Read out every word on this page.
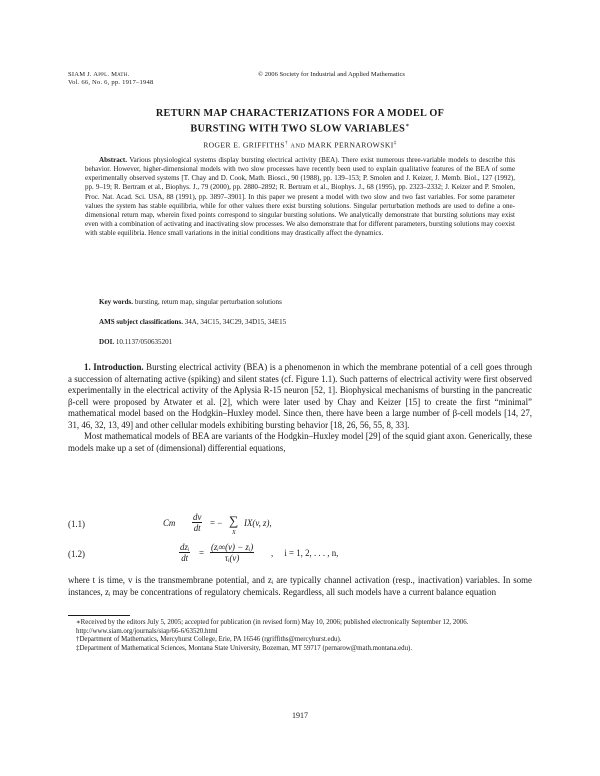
SIAM J. Appl. Math.
Vol. 66, No. 6, pp. 1917–1948
© 2006 Society for Industrial and Applied Mathematics
RETURN MAP CHARACTERIZATIONS FOR A MODEL OF
BURSTING WITH TWO SLOW VARIABLES∗
ROGER E. GRIFFITHS† AND MARK PERNAROWSKI‡
Abstract. Various physiological systems display bursting electrical activity (BEA). There exist numerous three-variable models to describe this behavior. However, higher-dimensional models with two slow processes have recently been used to explain qualitative features of the BEA of some experimentally observed systems [T. Chay and D. Cook, Math. Biosci., 90 (1988), pp. 139–153; P. Smolen and J. Keizer, J. Memb. Biol., 127 (1992), pp. 9–19; R. Bertram et al., Biophys. J., 79 (2000), pp. 2880–2892; R. Bertram et al., Biophys. J., 68 (1995), pp. 2323–2332; J. Keizer and P. Smolen, Proc. Nat. Acad. Sci. USA, 88 (1991), pp. 3897–3901]. In this paper we present a model with two slow and two fast variables. For some parameter values the system has stable equilibria, while for other values there exist bursting solutions. Singular perturbation methods are used to define a one-dimensional return map, wherein fixed points correspond to singular bursting solutions. We analytically demonstrate that bursting solutions may exist even with a combination of activating and inactivating slow processes. We also demonstrate that for different parameters, bursting solutions may coexist with stable equilibria. Hence small variations in the initial conditions may drastically affect the dynamics.
Key words. bursting, return map, singular perturbation solutions
AMS subject classifications. 34A, 34C15, 34C29, 34D15, 34E15
DOI. 10.1137/050635201

1. Introduction. Bursting electrical activity (BEA) is a phenomenon in which the membrane potential of a cell goes through a succession of alternating active (spiking) and silent states (cf. Figure 1.1). Such patterns of electrical activity were first observed experimentally in the electrical activity of the Aplysia R-15 neuron [52, 1]. Biophysical mechanisms of bursting in the pancreatic β-cell were proposed by Atwater et al. [2], which were later used by Chay and Keizer [15] to create the first “minimal” mathematical model based on the Hodgkin–Huxley model. Since then, there have been a large number of β-cell models [14, 27, 31, 46, 32, 13, 49] and other cellular models exhibiting bursting behavior [18, 26, 56, 55, 8, 33].

Most mathematical models of BEA are variants of the Hodgkin–Huxley model [29] of the squid giant axon. Generically, these models make up a set of (dimensional) differential equations,

(1.1)	Cm $\frac{dv}{dt}$ = − ∑
X
IX(v, z),
(1.2)
dzᵢ
dt = $\frac{\text{(zᵢ∞(v) − zᵢ)}}{\text{τᵢ(v)}}$ ,     i = 1, 2, . . . , n,

where t is time, v is the transmembrane potential, and zᵢ are typically channel activation (resp., inactivation) variables. In some instances, zᵢ may be concentrations of regulatory chemicals. Regardless, all such models have a current balance equation

∗Received by the editors July 5, 2005; accepted for publication (in revised form) May 10, 2006; published electronically September 12, 2006.

http://www.siam.org/journals/siap/66-6/63520.html

†Department of Mathematics, Mercyhurst College, Erie, PA 16546 (rgriffiths@mercyhurst.edu).

‡Department of Mathematical Sciences, Montana State University, Bozeman, MT 59717 (pernarow@math.montana.edu).

1917
